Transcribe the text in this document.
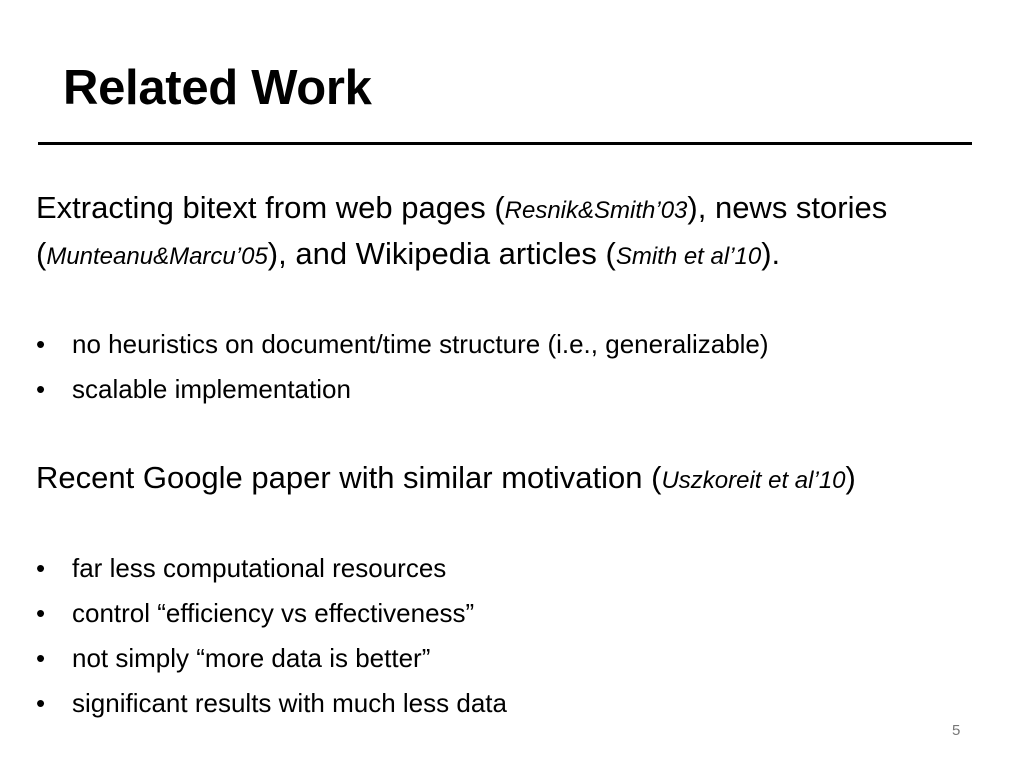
Related Work

Extracting bitext from web pages (Resnik&Smith’03), news stories (Munteanu&Marcu’05), and Wikipedia articles (Smith et al’10).

• no heuristics on document/time structure (i.e., generalizable)
• scalable implementation

Recent Google paper with similar motivation (Uszkoreit et al’10)

• far less computational resources
• control “efficiency vs effectiveness”
• not simply “more data is better”
• significant results with much less data
5
